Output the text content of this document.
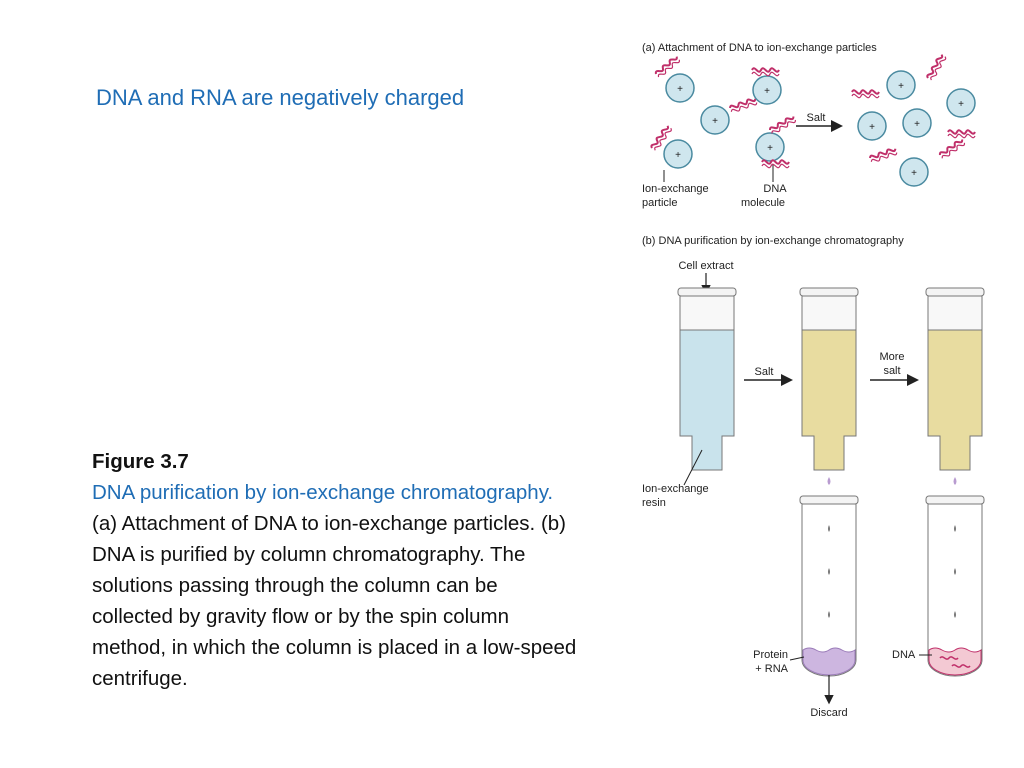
DNA and RNA are negatively charged
Figure 3.7
DNA purification by ion-exchange chromatography. (a) Attachment of DNA to ion-exchange particles. (b) DNA is purified by column chromatography. The solutions passing through the column can be collected by gravity flow or by the spin column method, in which the column is placed in a low-speed centrifuge.
(a) Attachment of DNA to ion-exchange particles
+
+
+
+
+
Ion-exchange
particle
DNA
molecule
Salt
+
+
+	+
+
(b) DNA purification by ion-exchange chromatography
Cell extract
Ion-exchange
resin
Salt
More
salt
Discard
Protein
+ RNA
DNA
